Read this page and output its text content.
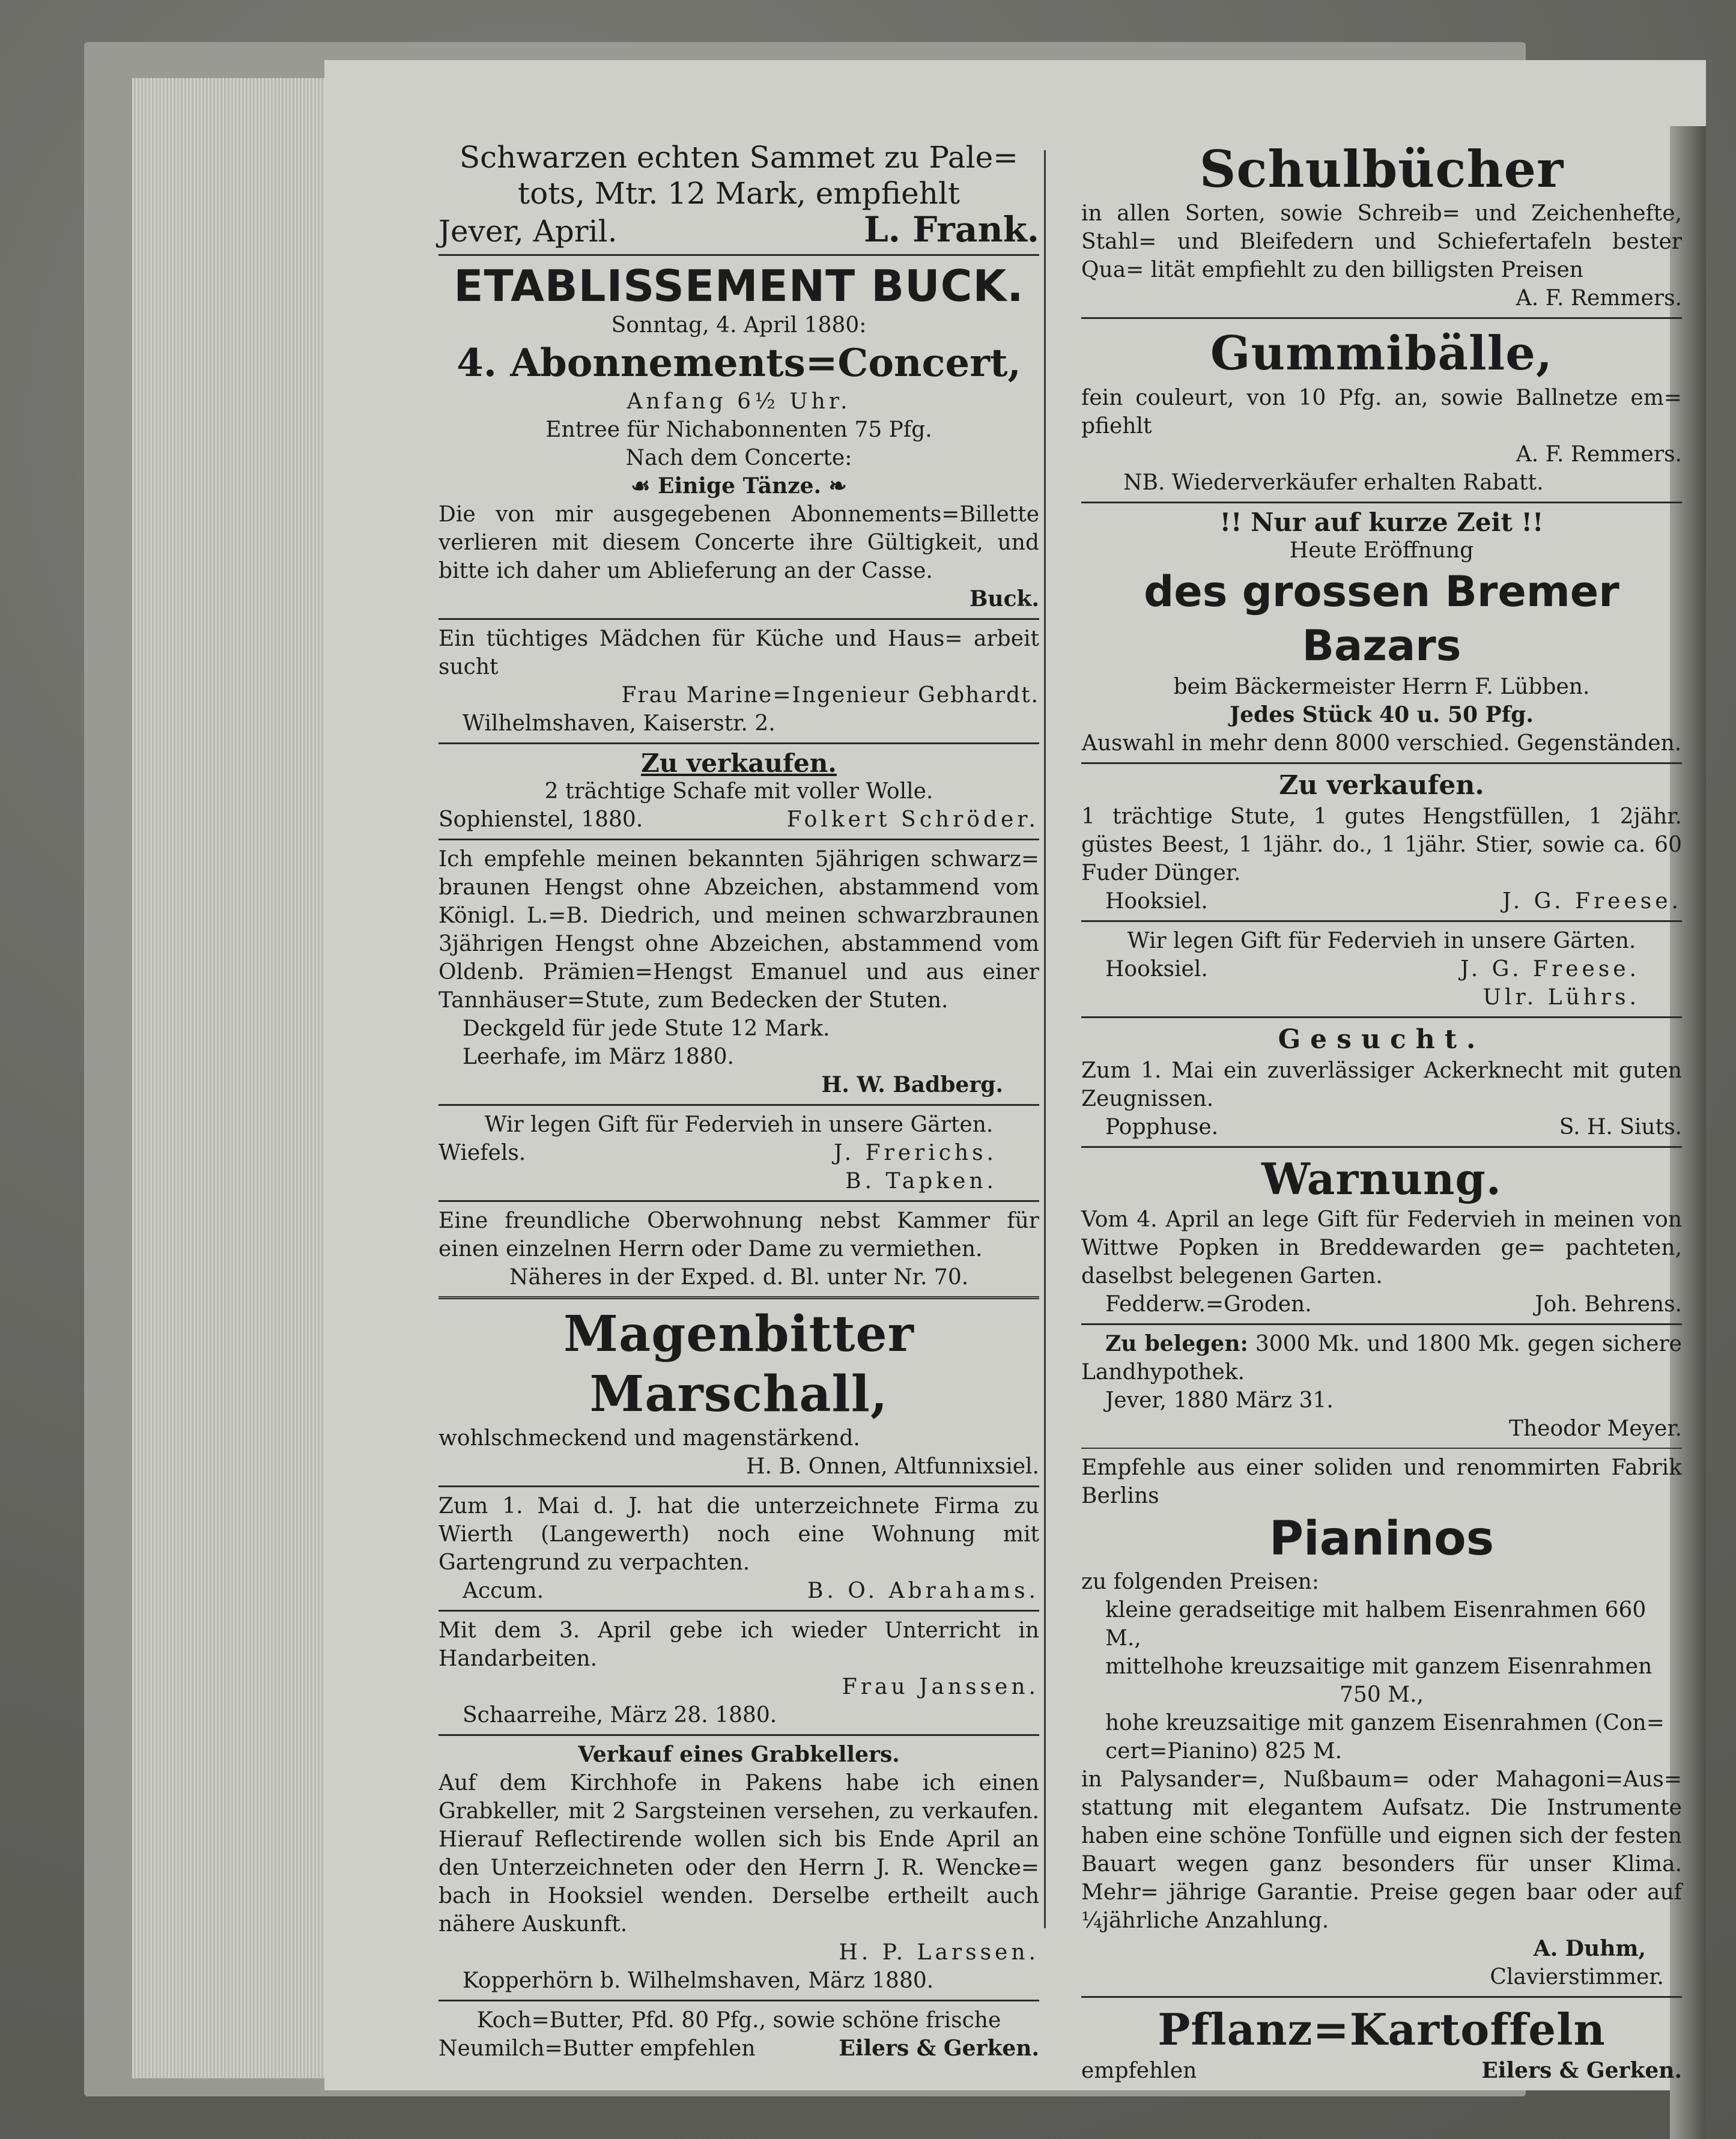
Schwarzen echten Sammet zu Pale=
tots, Mtr. 12 Mark, empfiehlt
Jever, April.	L. Frank.
ETABLISSEMENT BUCK.
Sonntag, 4. April 1880:
4. Abonnements=Concert,
Anfang 6½ Uhr.
Entree für Nichabonnenten 75 Pfg.
Nach dem Concerte:
☙ Einige Tänze. ❧
Die von mir ausgegebenen Abonnements=Billette verlieren mit diesem Concerte ihre Gültigkeit, und bitte ich daher um Ablieferung an der Casse.
Buck.
Ein tüchtiges Mädchen für Küche und Haus= arbeit sucht
Frau Marine=Ingenieur Gebhardt.
Wilhelmshaven, Kaiserstr. 2.
Zu verkaufen.
2 trächtige Schafe mit voller Wolle.
Sophienstel, 1880.	Folkert Schröder.
Ich empfehle meinen bekannten 5jährigen schwarz= braunen Hengst ohne Abzeichen, abstammend vom Königl. L.=B. Diedrich, und meinen schwarzbraunen 3jährigen Hengst ohne Abzeichen, abstammend vom Oldenb. Prämien=Hengst Emanuel und aus einer Tannhäuser=Stute, zum Bedecken der Stuten.
Deckgeld für jede Stute 12 Mark.
Leerhafe, im März 1880.
H. W. Badberg.
Wir legen Gift für Federvieh in unsere Gärten.
Wiefels.	J. Frerichs.
B. Tapken.
Eine freundliche Oberwohnung nebst Kammer für einen einzelnen Herrn oder Dame zu vermiethen.
Näheres in der Exped. d. Bl. unter Nr. 70.
Magenbitter Marschall,
wohlschmeckend und magenstärkend.
H. B. Onnen, Altfunnixsiel.
Zum 1. Mai d. J. hat die unterzeichnete Firma zu Wierth (Langewerth) noch eine Wohnung mit Gartengrund zu verpachten.
Accum.	B. O. Abrahams.
Mit dem 3. April gebe ich wieder Unterricht in Handarbeiten.
Frau Janssen.
Schaarreihe, März 28. 1880.
Verkauf eines Grabkellers.
Auf dem Kirchhofe in Pakens habe ich einen Grabkeller, mit 2 Sargsteinen versehen, zu verkaufen. Hierauf Reflectirende wollen sich bis Ende April an den Unterzeichneten oder den Herrn J. R. Wencke= bach in Hooksiel wenden. Derselbe ertheilt auch nähere Auskunft.
H. P. Larssen.
Kopperhörn b. Wilhelmshaven, März 1880.
Koch=Butter, Pfd. 80 Pfg., sowie schöne frische
Neumilch=Butter empfehlen	Eilers & Gerken.
Schulbücher
in allen Sorten, sowie Schreib= und Zeichenhefte, Stahl= und Bleifedern und Schiefertafeln bester Qua= lität empfiehlt zu den billigsten Preisen
A. F. Remmers.
Gummibälle,
fein couleurt, von 10 Pfg. an, sowie Ballnetze em= pfiehlt
A. F. Remmers.
NB. Wiederverkäufer erhalten Rabatt.
!! Nur auf kurze Zeit !!
Heute Eröffnung
des grossen Bremer Bazars
beim Bäckermeister Herrn F. Lübben.
Jedes Stück 40 u. 50 Pfg.
Auswahl in mehr denn 8000 verschied. Gegenständen.
Zu verkaufen.
1 trächtige Stute, 1 gutes Hengstfüllen, 1 2jähr. güstes Beest, 1 1jähr. do., 1 1jähr. Stier, sowie ca. 60 Fuder Dünger.
Hooksiel.	J. G. Freese.
Wir legen Gift für Federvieh in unsere Gärten.
Hooksiel.	J. G. Freese.
Ulr. Lührs.
Gesucht.
Zum 1. Mai ein zuverlässiger Ackerknecht mit guten Zeugnissen.
Popphuse.	S. H. Siuts.
Warnung.
Vom 4. April an lege Gift für Federvieh in meinen von Wittwe Popken in Breddewarden ge= pachteten, daselbst belegenen Garten.
Fedderw.=Groden.	Joh. Behrens.
Zu belegen: 3000 Mk. und 1800 Mk. gegen sichere Landhypothek.
Jever, 1880 März 31.
Theodor Meyer.
Empfehle aus einer soliden und renommirten Fabrik Berlins
Pianinos
zu folgenden Preisen:
kleine geradseitige mit halbem Eisenrahmen 660 M.,
mittelhohe kreuzsaitige mit ganzem Eisenrahmen
750 M.,
hohe kreuzsaitige mit ganzem Eisenrahmen (Con= cert=Pianino) 825 M.
in Palysander=, Nußbaum= oder Mahagoni=Aus= stattung mit elegantem Aufsatz. Die Instrumente haben eine schöne Tonfülle und eignen sich der festen Bauart wegen ganz besonders für unser Klima. Mehr= jährige Garantie. Preise gegen baar oder auf ¼jährliche Anzahlung.
A. Duhm,
Clavierstimmer.
Pflanz=Kartoffeln
empfehlen	Eilers & Gerken.
